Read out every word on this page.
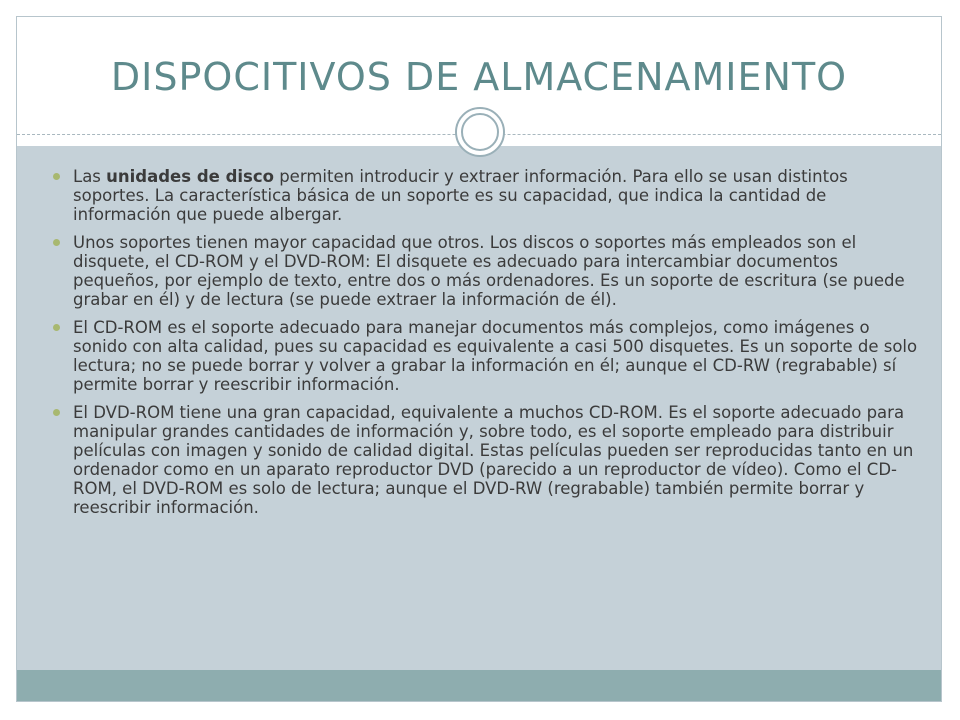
DISPOCITIVOS DE ALMACENAMIENTO
Las unidades de disco permiten introducir y extraer información. Para ello se usan distintos soportes. La característica básica de un soporte es su capacidad, que indica la cantidad de información que puede albergar.
Unos soportes tienen mayor capacidad que otros. Los discos o soportes más empleados son el disquete, el CD-ROM y el DVD-ROM: El disquete es adecuado para intercambiar documentos pequeños, por ejemplo de texto, entre dos o más ordenadores. Es un soporte de escritura (se puede grabar en él) y de lectura (se puede extraer la información de él).
El CD-ROM es el soporte adecuado para manejar documentos más complejos, como imágenes o sonido con alta calidad, pues su capacidad es equivalente a casi 500 disquetes. Es un soporte de solo lectura; no se puede borrar y volver a grabar la información en él; aunque el CD-RW (regrabable) sí permite borrar y reescribir información.
El DVD-ROM tiene una gran capacidad, equivalente a muchos CD-ROM. Es el soporte adecuado para manipular grandes cantidades de información y, sobre todo, es el soporte empleado para distribuir películas con imagen y sonido de calidad digital. Estas películas pueden ser reproducidas tanto en un ordenador como en un aparato reproductor DVD (parecido a un reproductor de vídeo). Como el CD-ROM, el DVD-ROM es solo de lectura; aunque el DVD-RW (regrabable) también permite borrar y reescribir información.
